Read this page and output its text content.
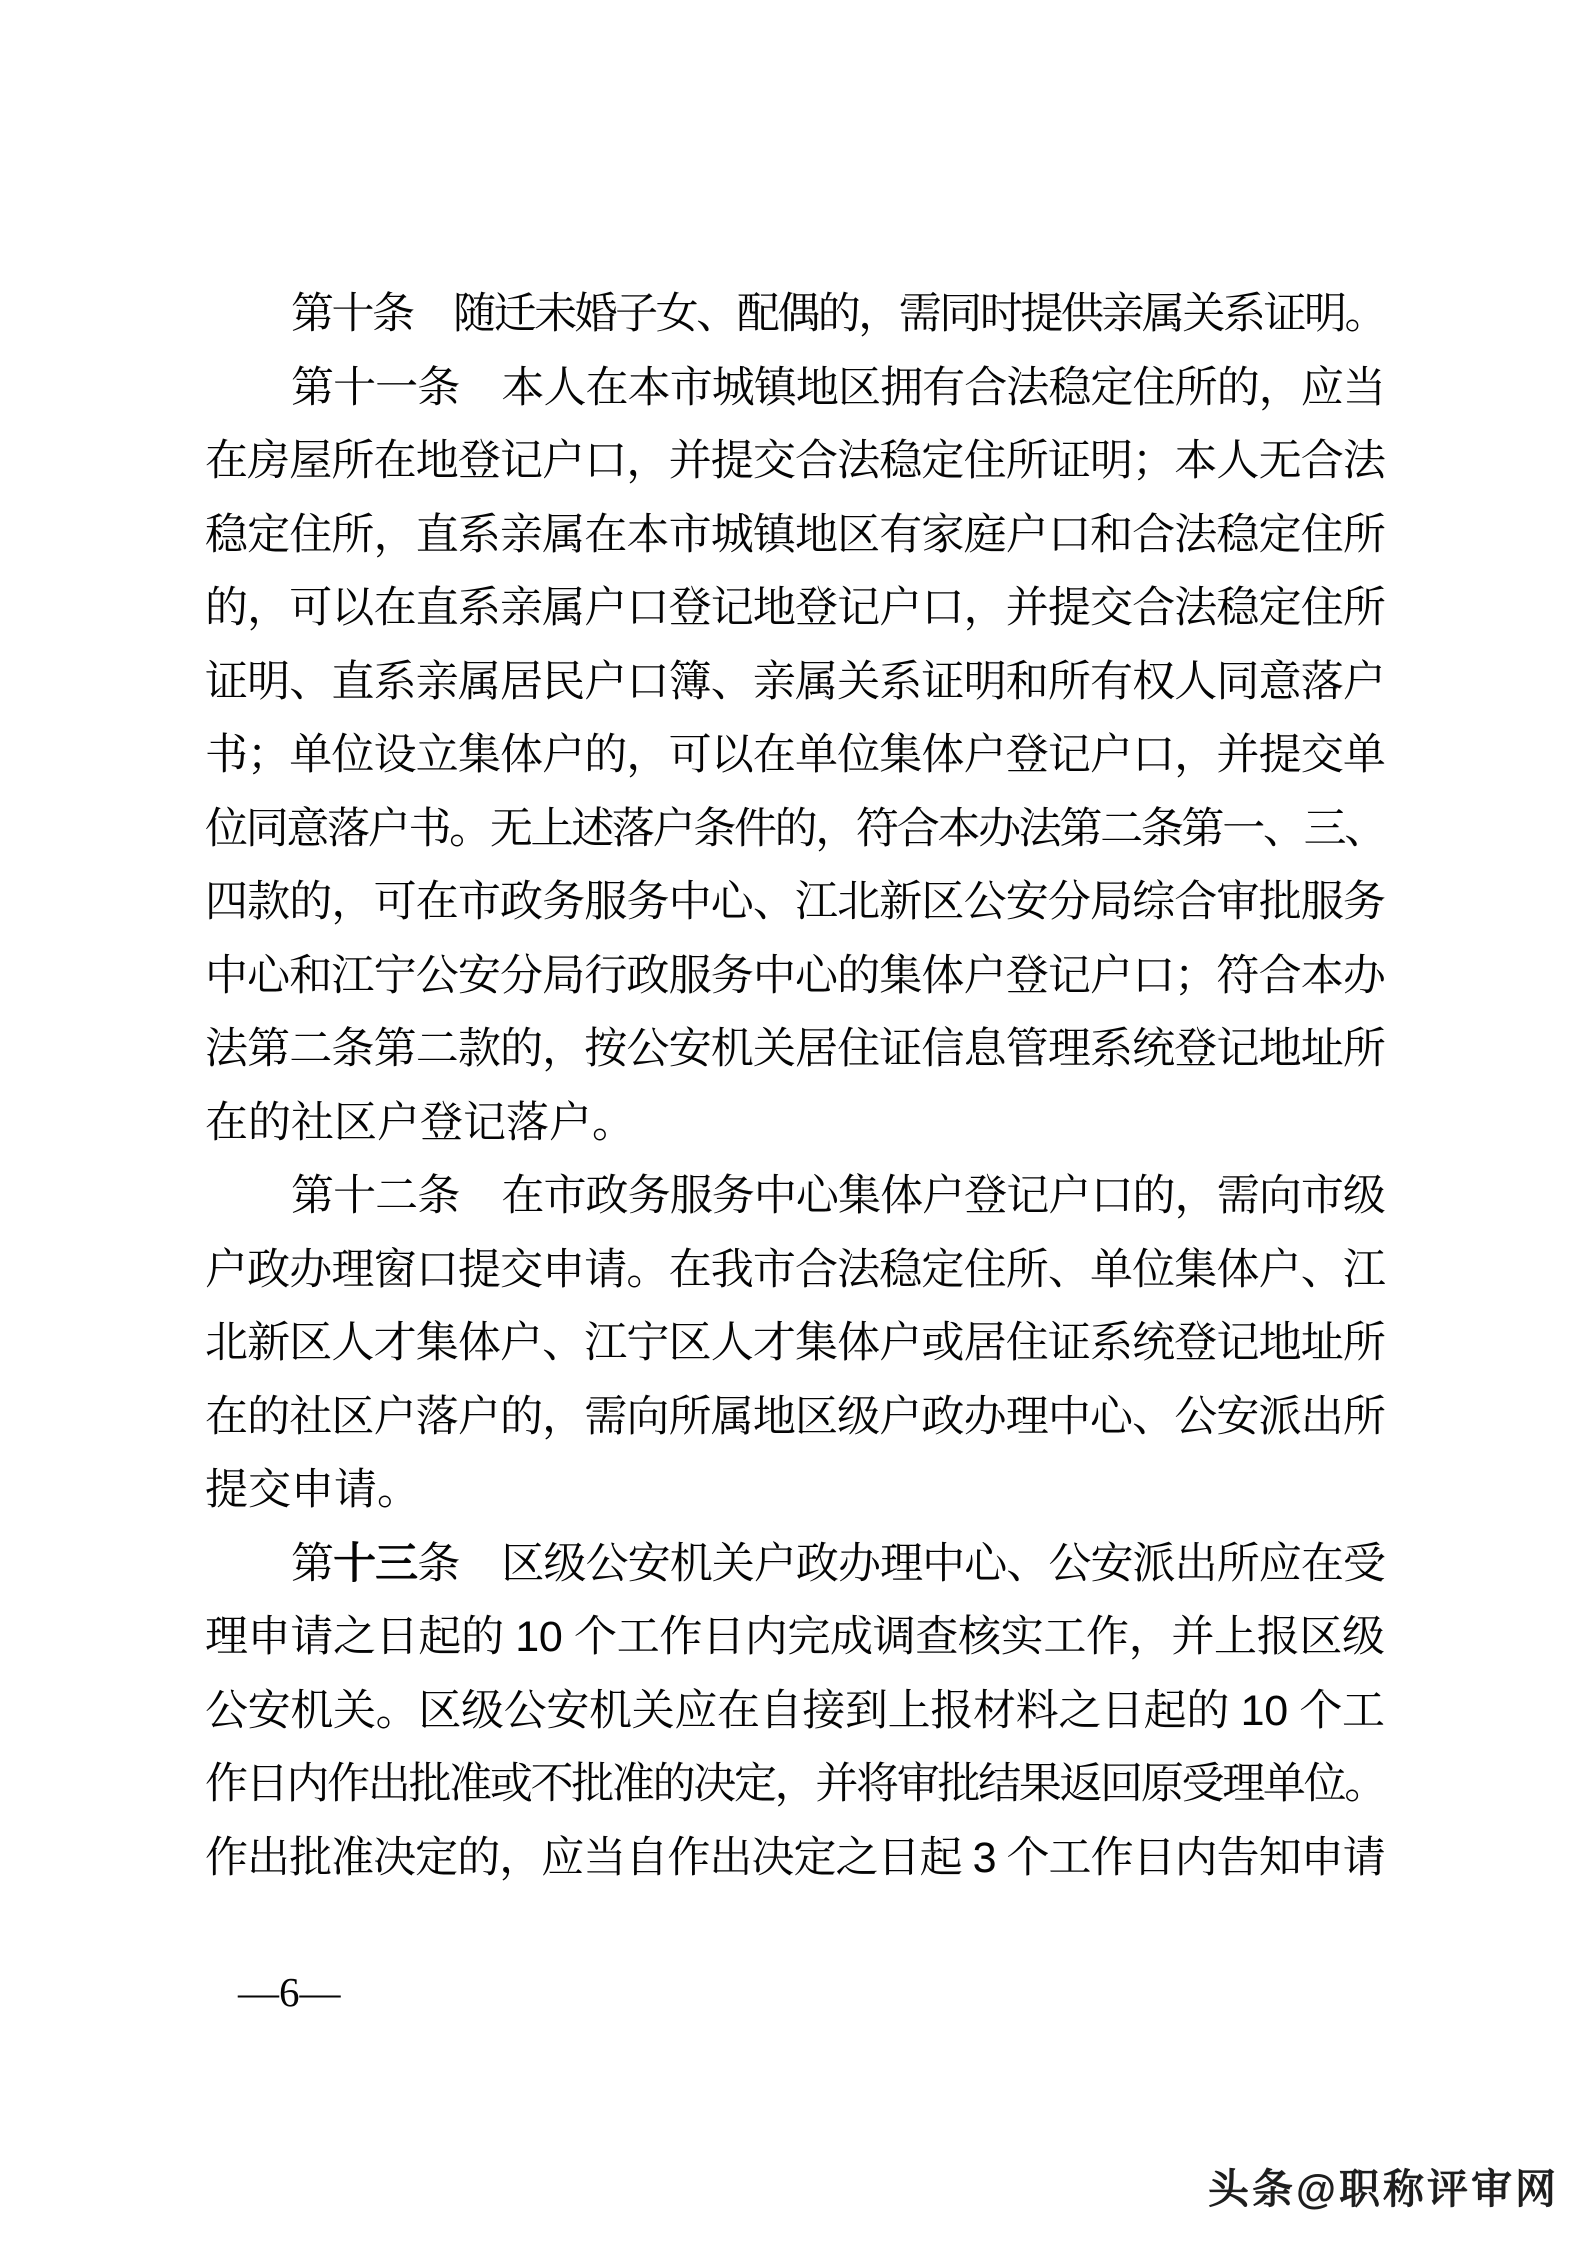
第十条　随迁未婚子女、配偶的，需同时提供亲属关系证明。
第十一条　本人在本市城镇地区拥有合法稳定住所的，应当
在房屋所在地登记户口，并提交合法稳定住所证明；本人无合法
稳定住所，直系亲属在本市城镇地区有家庭户口和合法稳定住所
的，可以在直系亲属户口登记地登记户口，并提交合法稳定住所
证明、直系亲属居民户口簿、亲属关系证明和所有权人同意落户
书；单位设立集体户的，可以在单位集体户登记户口，并提交单
位同意落户书。无上述落户条件的，符合本办法第二条第一、三、
四款的，可在市政务服务中心、江北新区公安分局综合审批服务
中心和江宁公安分局行政服务中心的集体户登记户口；符合本办
法第二条第二款的，按公安机关居住证信息管理系统登记地址所
在的社区户登记落户。
第十二条　在市政务服务中心集体户登记户口的，需向市级
户政办理窗口提交申请。在我市合法稳定住所、单位集体户、江
北新区人才集体户、江宁区人才集体户或居住证系统登记地址所
在的社区户落户的，需向所属地区级户政办理中心、公安派出所
提交申请。
第十三条　区级公安机关户政办理中心、公安派出所应在受
理申请之日起的 10 个工作日内完成调查核实工作，并上报区级
公安机关。区级公安机关应在自接到上报材料之日起的 10 个工
作日内作出批准或不批准的决定，并将审批结果返回原受理单位。
作出批准决定的，应当自作出决定之日起 3 个工作日内告知申请
—6—
头条@职称评审网
